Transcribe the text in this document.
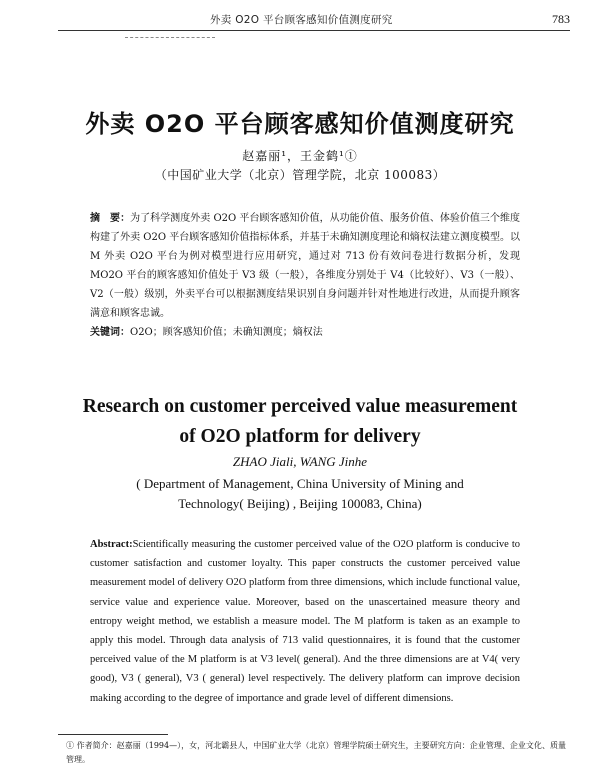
外卖 O2O 平台顾客感知价值测度研究	783
外卖 O2O 平台顾客感知价值测度研究
赵嘉丽¹，王金鹤¹①
（中国矿业大学（北京）管理学院，北京 100083）
摘　要：为了科学测度外卖 O2O 平台顾客感知价值，从功能价值、服务价值、体验价值三个维度构建了外卖 O2O 平台顾客感知价值指标体系，并基于未确知测度理论和熵权法建立测度模型。以 M 外卖 O2O 平台为例对模型进行应用研究，通过对 713 份有效问卷进行数据分析，发现 MO2O 平台的顾客感知价值处于 V3 级（一般），各维度分别处于 V4（比较好）、V3（一般）、V2（一般）级别，外卖平台可以根据测度结果识别自身问题并针对性地进行改进，从而提升顾客满意和顾客忠诚。
关键词：O2O；顾客感知价值；未确知测度；熵权法
Research on customer perceived value measurement
of O2O platform for delivery
ZHAO Jiali, WANG Jinhe
( Department of Management, China University of Mining and
Technology( Beijing) , Beijing 100083, China)
Abstract:Scientifically measuring the customer perceived value of the O2O platform is conducive to customer satisfaction and customer loyalty. This paper constructs the customer perceived value measurement model of delivery O2O platform from three dimensions, which include functional value, service value and experience value. Moreover, based on the unascertained measure theory and entropy weight method, we establish a measure model. The M platform is taken as an example to apply this model. Through data analysis of 713 valid questionnaires, it is found that the customer perceived value of the M platform is at V3 level( general). And the three dimensions are at V4( very good), V3 ( general), V3 ( general) level respectively. The delivery platform can improve decision making according to the degree of importance and grade level of different dimensions.
① 作者简介：赵嘉丽（1994—），女，河北霸县人，中国矿业大学（北京）管理学院硕士研究生，主要研究方向：企业管理、企业文化、质量管理。
